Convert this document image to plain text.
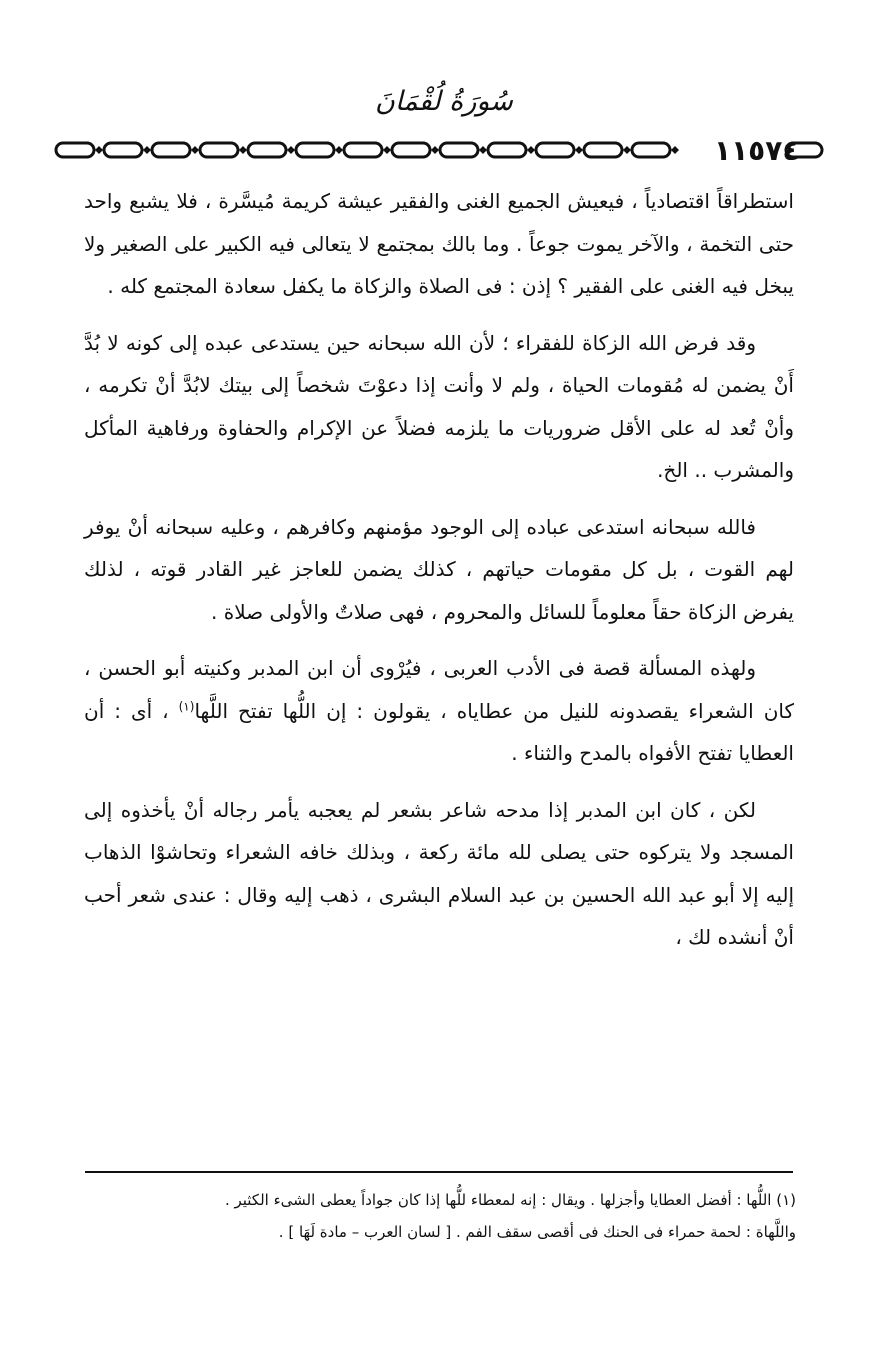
سُورَةُ لُقْمَانَ
١١٥٧٤

استطراقاً اقتصادياً ، فيعيش الجميع الغنى والفقير عيشة كريمة مُيسَّرة ، فلا يشبع واحد حتى التخمة ، والآخر يموت جوعاً . وما بالك بمجتمع لا يتعالى فيه الكبير على الصغير ولا يبخل فيه الغنى على الفقير ؟ إذن : فى الصلاة والزكاة ما يكفل سعادة المجتمع كله .

وقد فرض الله الزكاة للفقراء ؛ لأن الله سبحانه حين يستدعى عبده إلى كونه لا بُدَّ أَنْ يضمن له مُقومات الحياة ، ولم لا وأنت إذا دعوْتَ شخصاً إلى بيتك لابُدَّ أنْ تكرمه ، وأنْ تُعد له على الأقل ضروريات ما يلزمه فضلاً عن الإكرام والحفاوة ورفاهية المأكل والمشرب .. الخ.

فالله سبحانه استدعى عباده إلى الوجود مؤمنهم وكافرهم ، وعليه سبحانه أنْ يوفر لهم القوت ، بل كل مقومات حياتهم ، كذلك يضمن للعاجز غير القادر قوته ، لذلك يفرض الزكاة حقاً معلوماً للسائل والمحروم ، فهى صلاتٌ والأولى صلاة .

ولهذه المسألة قصة فى الأدب العربى ، فيُرْوى أن ابن المدبر وكنيته أبو الحسن ، كان الشعراء يقصدونه للنيل من عطاياه ، يقولون : إن اللُّها تفتح اللَّها$^{(١)}$ ، أى : أن العطايا تفتح الأفواه بالمدح والثناء .

لكن ، كان ابن المدبر إذا مدحه شاعر بشعر لم يعجبه يأمر رجاله أنْ يأخذوه إلى المسجد ولا يتركوه حتى يصلى لله مائة ركعة ، وبذلك خافه الشعراء وتحاشوْا الذهاب إليه إلا أبو عبد الله الحسين بن عبد السلام البشرى ، ذهب إليه وقال : عندى شعر أحب أنْ أنشده لك ،

(١) اللُّها : أفضل العطايا وأجزلها . ويقال : إنه لمعطاء للُّها إذا كان جواداً يعطى الشىء الكثير .

واللَّهاة : لحمة حمراء فى الحنك فى أقصى سقف الفم . [ لسان العرب – مادة لَهَا ] .
